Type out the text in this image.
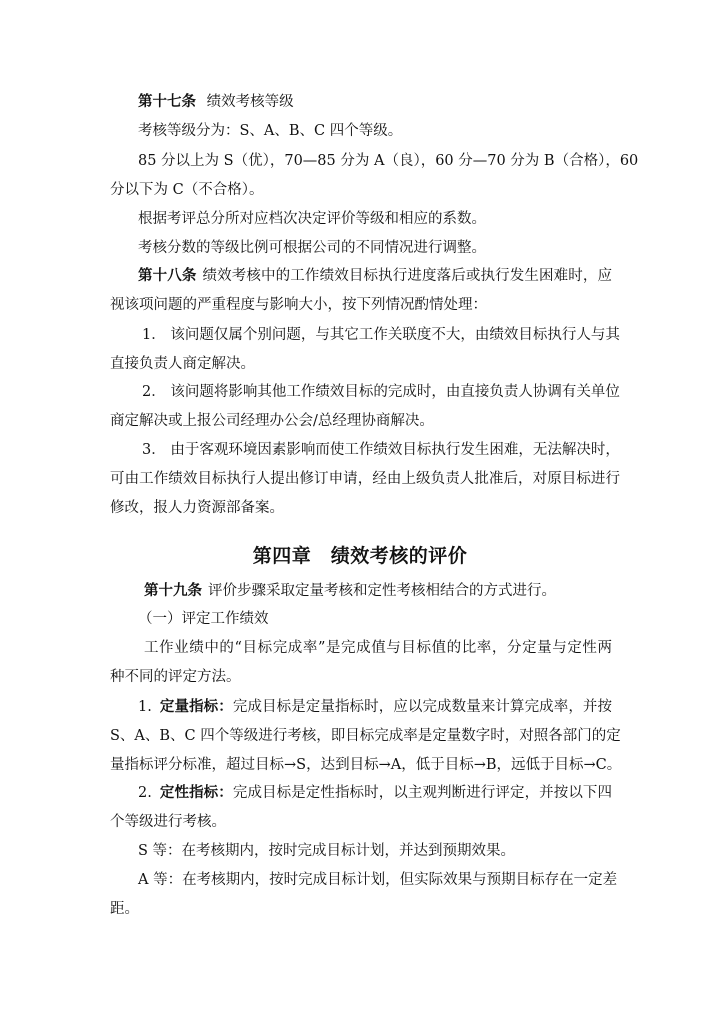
第十七条 绩效考核等级
考核等级分为：S、A、B、C 四个等级。
85 分以上为 S（优），70—85 分为 A（良），60 分—70 分为 B（合格），60
分以下为 C（不合格）。
根据考评总分所对应档次决定评价等级和相应的系数。
考核分数的等级比例可根据公司的不同情况进行调整。
第十八条 绩效考核中的工作绩效目标执行进度落后或执行发生困难时，应
视该项问题的严重程度与影响大小，按下列情况酌情处理：
1． 该问题仅属个别问题，与其它工作关联度不大，由绩效目标执行人与其
直接负责人商定解决。
2． 该问题将影响其他工作绩效目标的完成时，由直接负责人协调有关单位
商定解决或上报公司经理办公会/总经理协商解决。
3． 由于客观环境因素影响而使工作绩效目标执行发生困难，无法解决时，
可由工作绩效目标执行人提出修订申请，经由上级负责人批准后，对原目标进行
修改，报人力资源部备案。
第四章　绩效考核的评价
第十九条 评价步骤采取定量考核和定性考核相结合的方式进行。
（一）评定工作绩效
工作业绩中的“目标完成率”是完成值与目标值的比率，分定量与定性两
种不同的评定方法。
1. 定量指标：完成目标是定量指标时，应以完成数量来计算完成率，并按
S、A、B、C 四个等级进行考核，即目标完成率是定量数字时，对照各部门的定
量指标评分标准，超过目标→S，达到目标→A，低于目标→B，远低于目标→C。
2. 定性指标：完成目标是定性指标时，以主观判断进行评定，并按以下四
个等级进行考核。
S 等：在考核期内，按时完成目标计划，并达到预期效果。
A 等：在考核期内，按时完成目标计划，但实际效果与预期目标存在一定差
距。
